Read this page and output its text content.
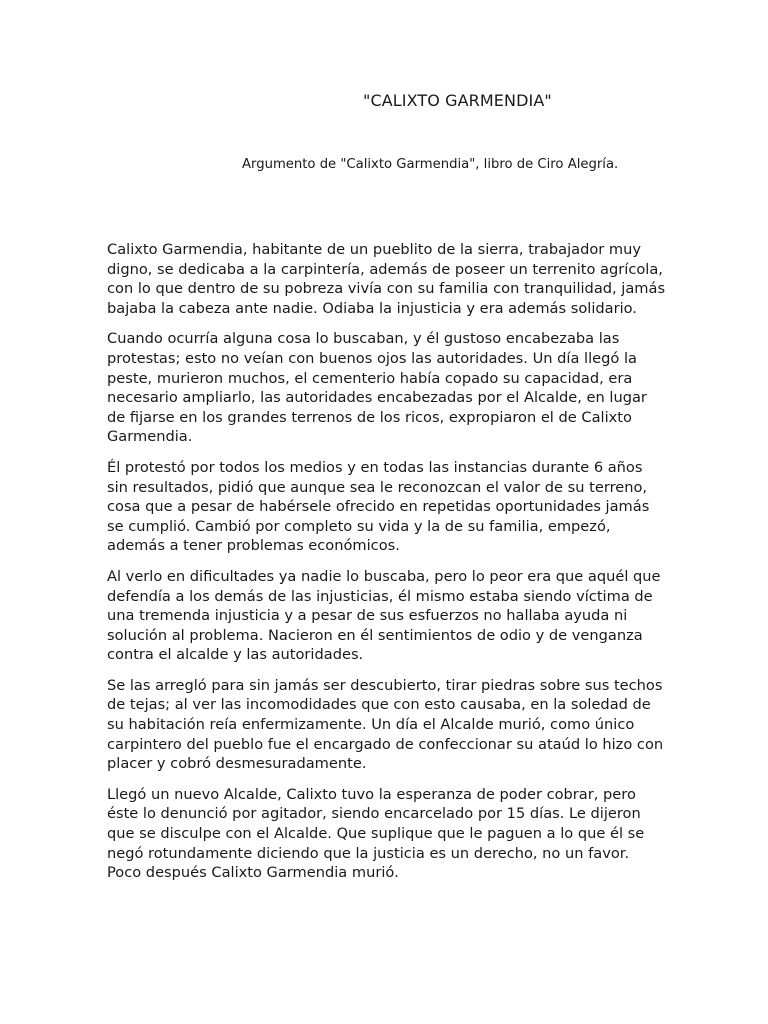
"CALIXTO GARMENDIA"
Argumento de "Calixto Garmendia", libro de Ciro Alegría.

Calixto Garmendia, habitante de un pueblito de la sierra, trabajador muy digno, se dedicaba a la carpintería, además de poseer un terrenito agrícola, con lo que dentro de su pobreza vivía con su familia con tranquilidad, jamás bajaba la cabeza ante nadie. Odiaba la injusticia y era además solidario.

Cuando ocurría alguna cosa lo buscaban, y él gustoso encabezaba las protestas; esto no veían con buenos ojos las autoridades. Un día llegó la peste, murieron muchos, el cementerio había copado su capacidad, era necesario ampliarlo, las autoridades encabezadas por el Alcalde, en lugar de fijarse en los grandes terrenos de los ricos, expropiaron el de Calixto Garmendia.

Él protestó por todos los medios y en todas las instancias durante 6 años sin resultados, pidió que aunque sea le reconozcan el valor de su terreno, cosa que a pesar de habérsele ofrecido en repetidas oportunidades jamás se cumplió. Cambió por completo su vida y la de su familia, empezó, además a tener problemas económicos.

Al verlo en dificultades ya nadie lo buscaba, pero lo peor era que aquél que defendía a los demás de las injusticias, él mismo estaba siendo víctima de una tremenda injusticia y a pesar de sus esfuerzos no hallaba ayuda ni solución al problema. Nacieron en él sentimientos de odio y de venganza contra el alcalde y las autoridades.

Se las arregló para sin jamás ser descubierto, tirar piedras sobre sus techos de tejas; al ver las incomodidades que con esto causaba, en la soledad de su habitación reía enfermizamente. Un día el Alcalde murió, como único carpintero del pueblo fue el encargado de confeccionar su ataúd lo hizo con placer y cobró desmesuradamente.

Llegó un nuevo Alcalde, Calixto tuvo la esperanza de poder cobrar, pero éste lo denunció por agitador, siendo encarcelado por 15 días. Le dijeron que se disculpe con el Alcalde. Que suplique que le paguen a lo que él se negó rotundamente diciendo que la justicia es un derecho, no un favor. Poco después Calixto Garmendia murió.
